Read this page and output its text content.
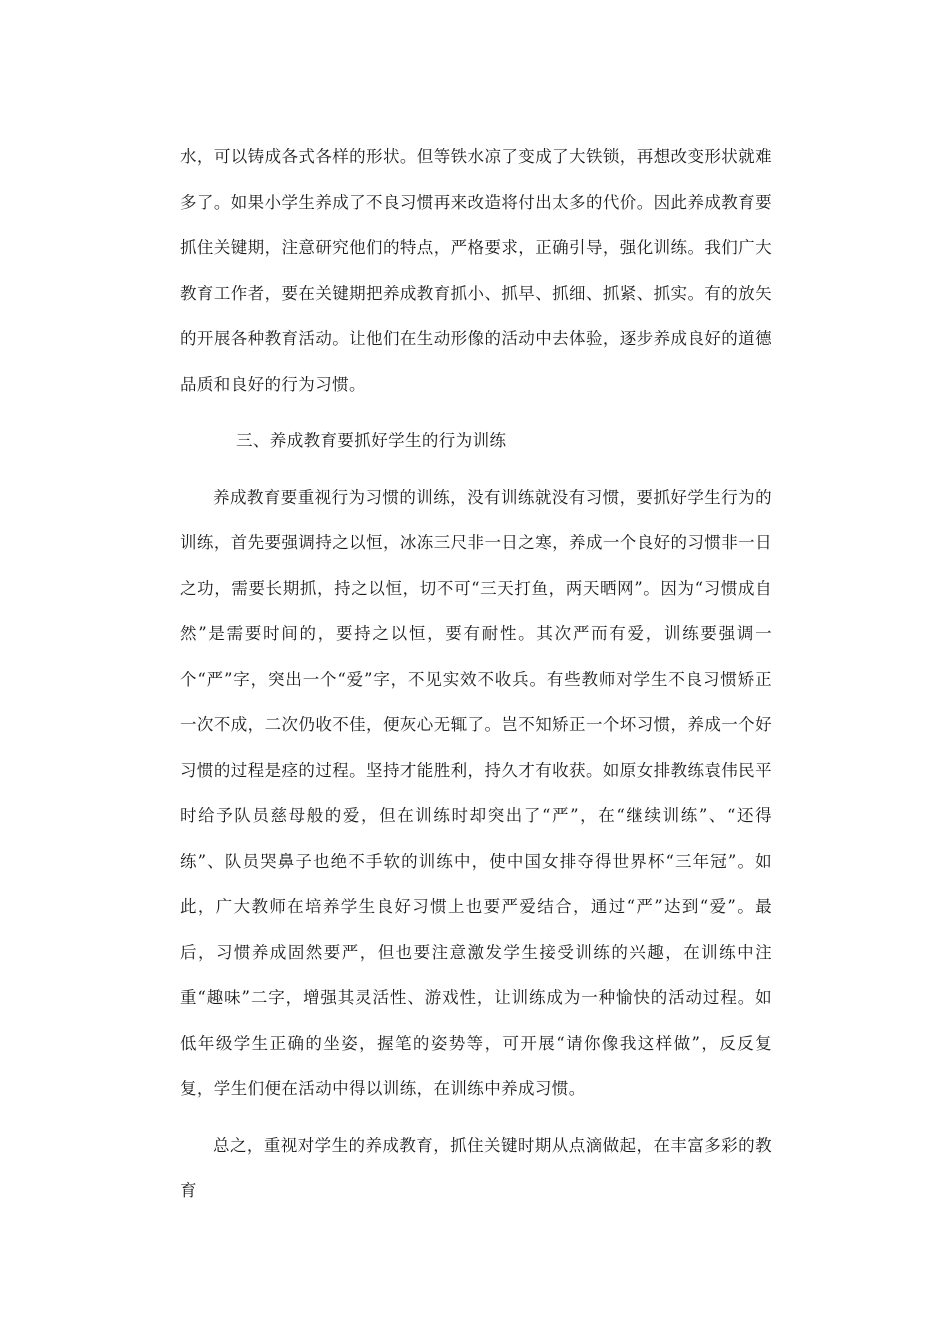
水，可以铸成各式各样的形状。但等铁水凉了变成了大铁锁，再想改变形状就难多了。如果小学生养成了不良习惯再来改造将付出太多的代价。因此养成教育要抓住关键期，注意研究他们的特点，严格要求，正确引导，强化训练。我们广大教育工作者，要在关键期把养成教育抓小、抓早、抓细、抓紧、抓实。有的放矢的开展各种教育活动。让他们在生动形像的活动中去体验，逐步养成良好的道德品质和良好的行为习惯。

三、养成教育要抓好学生的行为训练

养成教育要重视行为习惯的训练，没有训练就没有习惯，要抓好学生行为的训练，首先要强调持之以恒，冰冻三尺非一日之寒，养成一个良好的习惯非一日之功，需要长期抓，持之以恒，切不可“三天打鱼，两天晒网”。因为“习惯成自然”是需要时间的，要持之以恒，要有耐性。其次严而有爱，训练要强调一个“严”字，突出一个“爱”字，不见实效不收兵。有些教师对学生不良习惯矫正一次不成，二次仍收不佳，便灰心无辄了。岂不知矫正一个坏习惯，养成一个好习惯的过程是痉的过程。坚持才能胜利，持久才有收获。如原女排教练袁伟民平时给予队员慈母般的爱，但在训练时却突出了“严”，在“继续训练”、“还得练”、队员哭鼻子也绝不手软的训练中，使中国女排夺得世界杯“三年冠”。如此，广大教师在培养学生良好习惯上也要严爱结合，通过“严”达到“爱”。最后，习惯养成固然要严，但也要注意激发学生接受训练的兴趣，在训练中注重“趣味”二字，增强其灵活性、游戏性，让训练成为一种愉快的活动过程。如低年级学生正确的坐姿，握笔的姿势等，可开展“请你像我这样做”，反反复复，学生们便在活动中得以训练，在训练中养成习惯。

总之，重视对学生的养成教育，抓住关键时期从点滴做起，在丰富多彩的教育
